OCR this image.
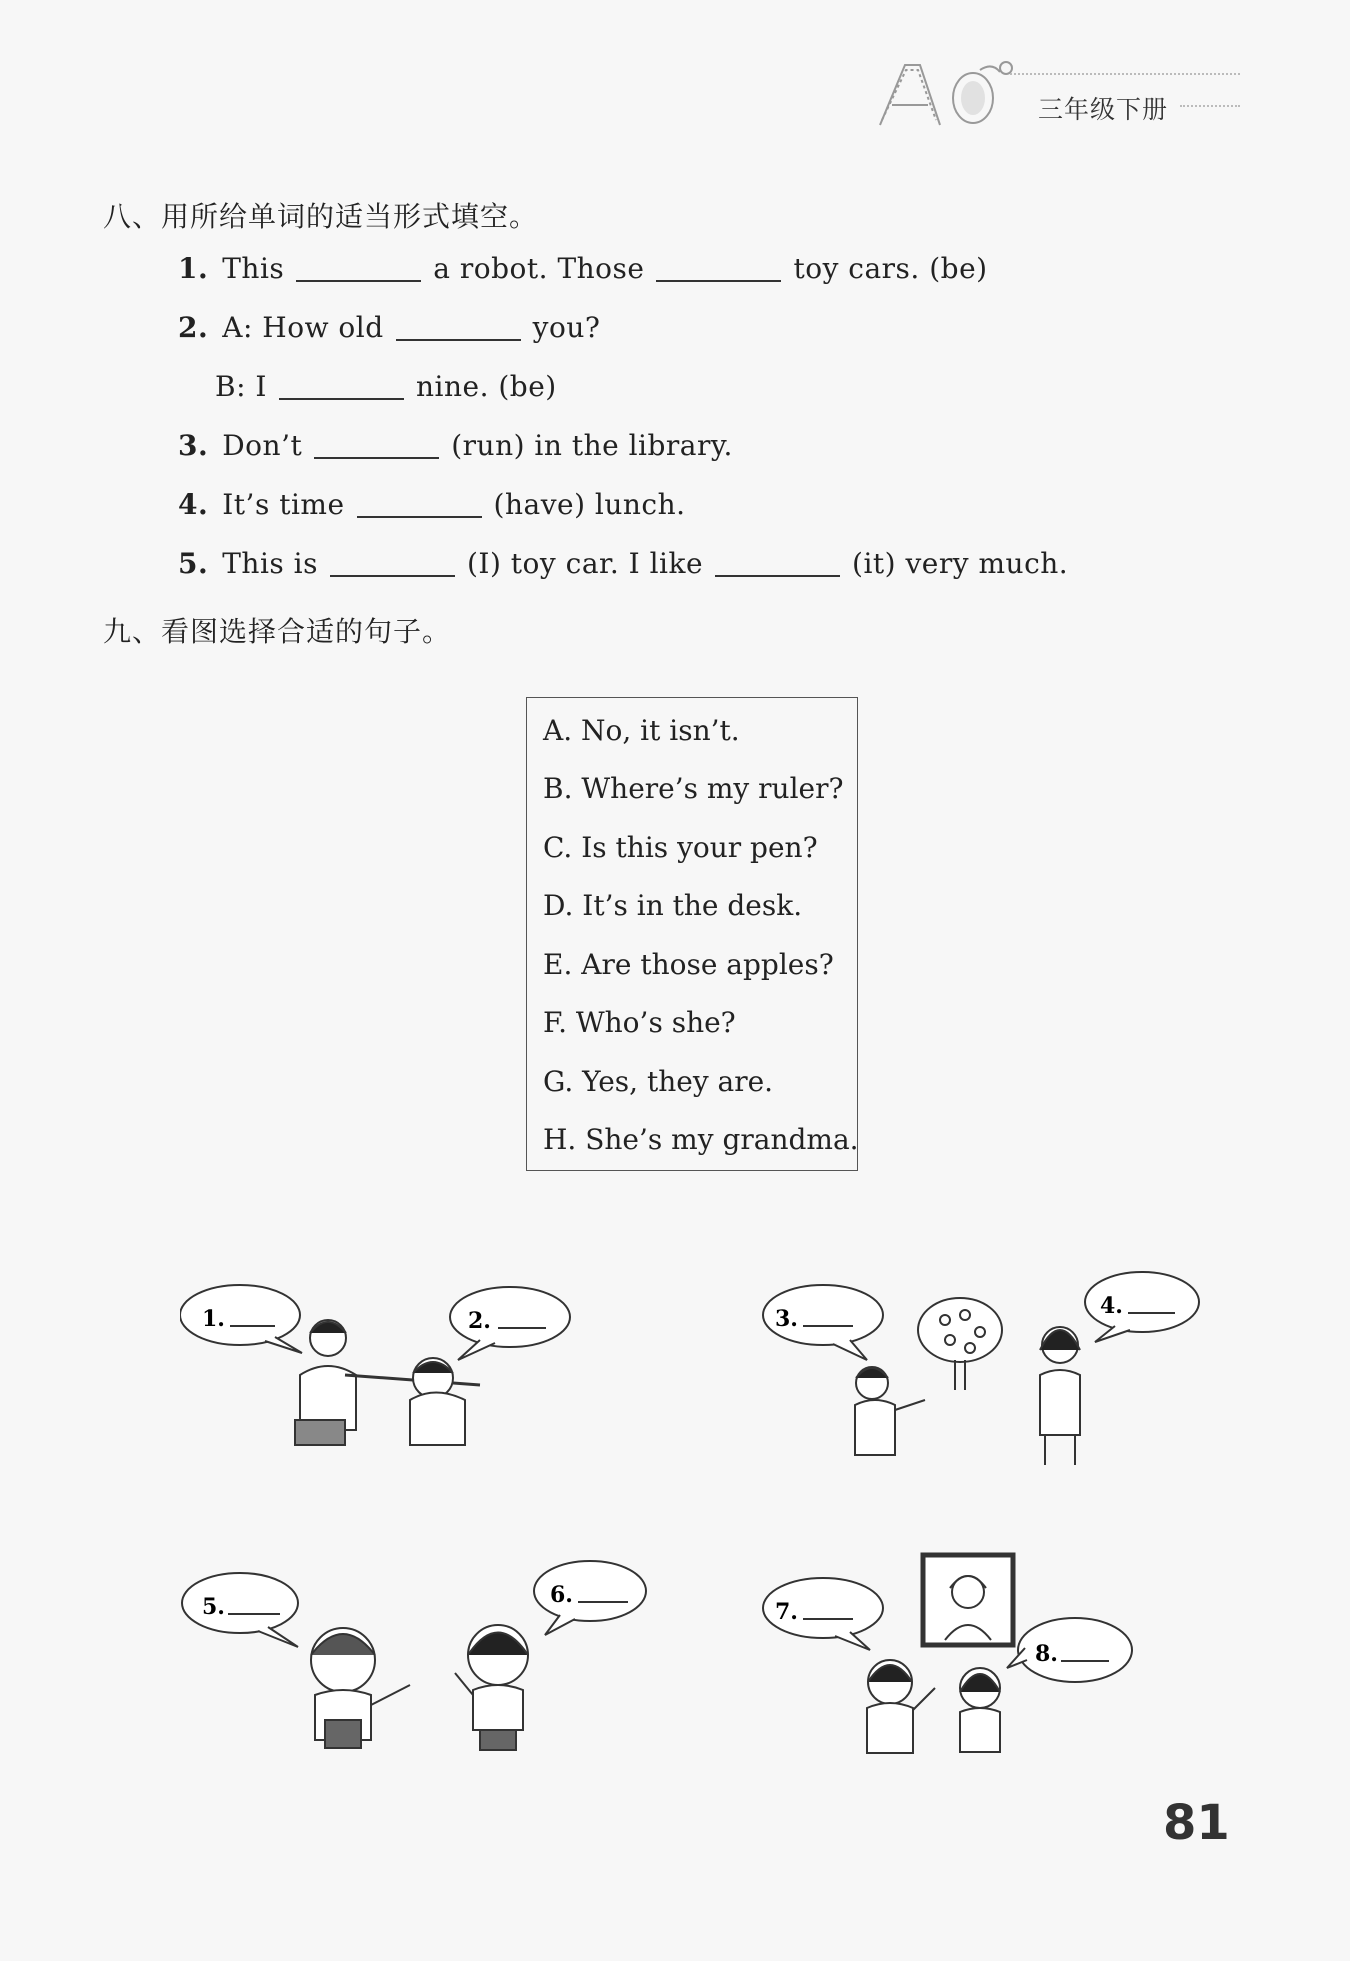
三年级下册
八、用所给单词的适当形式填空。
1. This	a robot. Those	toy cars. (be)
2. A: How old	you?
B: I	nine. (be)
3. Don’t	(run) in the library.
4. It’s time	(have) lunch.
5. This is	(I) toy car. I like	(it) very much.
九、看图选择合适的句子。
A. No, it isn’t.
B. Where’s my ruler?
C. Is this your pen?
D. It’s in the desk.
E. Are those apples?
F. Who’s she?
G. Yes, they are.
H. She’s my grandma.
1.	2.	3.	4.
5.	6.
7.
8.
81
